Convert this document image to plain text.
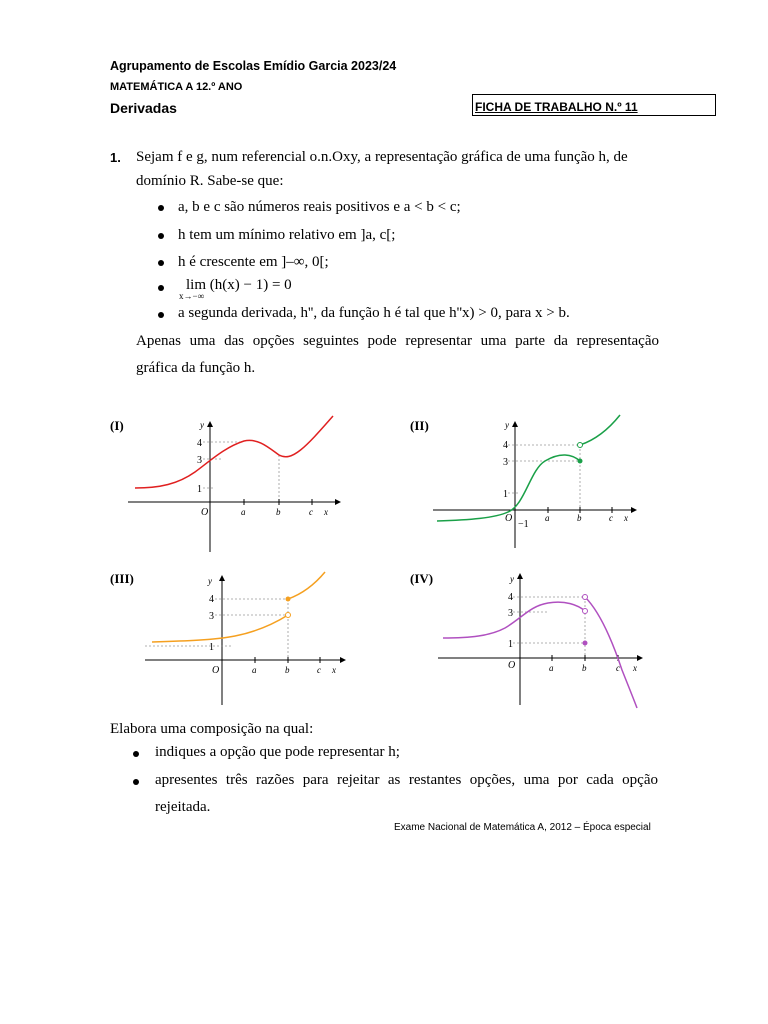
Agrupamento de Escolas Emídio Garcia 2023/24
MATEMÁTICA A 12.º ANO
Derivadas	FICHA DE TRABALHO N.º 11
1. Sejam f e g, num referencial o.n.Oxy, a representação gráfica de uma função h, de
domínio R. Sabe-se que:
a, b e c são números reais positivos e a < b < c;
h tem um mínimo relativo em ]a, c[;
h é crescente em ]–∞, 0[;
lim (h(x) − 1) = 0
x→−∞
a segunda derivada, h'', da função h é tal que h''x) > 0, para x > b.
Apenas uma das opções seguintes pode representar uma parte da representação
gráfica da função h.
(I)	y
4
3
1
O	a	b	c x
(II)	y
4
3
1
−1
O	a	b	c x
(III)	y
4
3
1
O	a	b	c x
(IV)	y
4
3
1
O	a	b	c x
Elabora uma composição na qual:
indiques a opção que pode representar h;
apresentes três razões para rejeitar as restantes opções, uma por cada opção
rejeitada.
Exame Nacional de Matemática A, 2012 – Época especial
